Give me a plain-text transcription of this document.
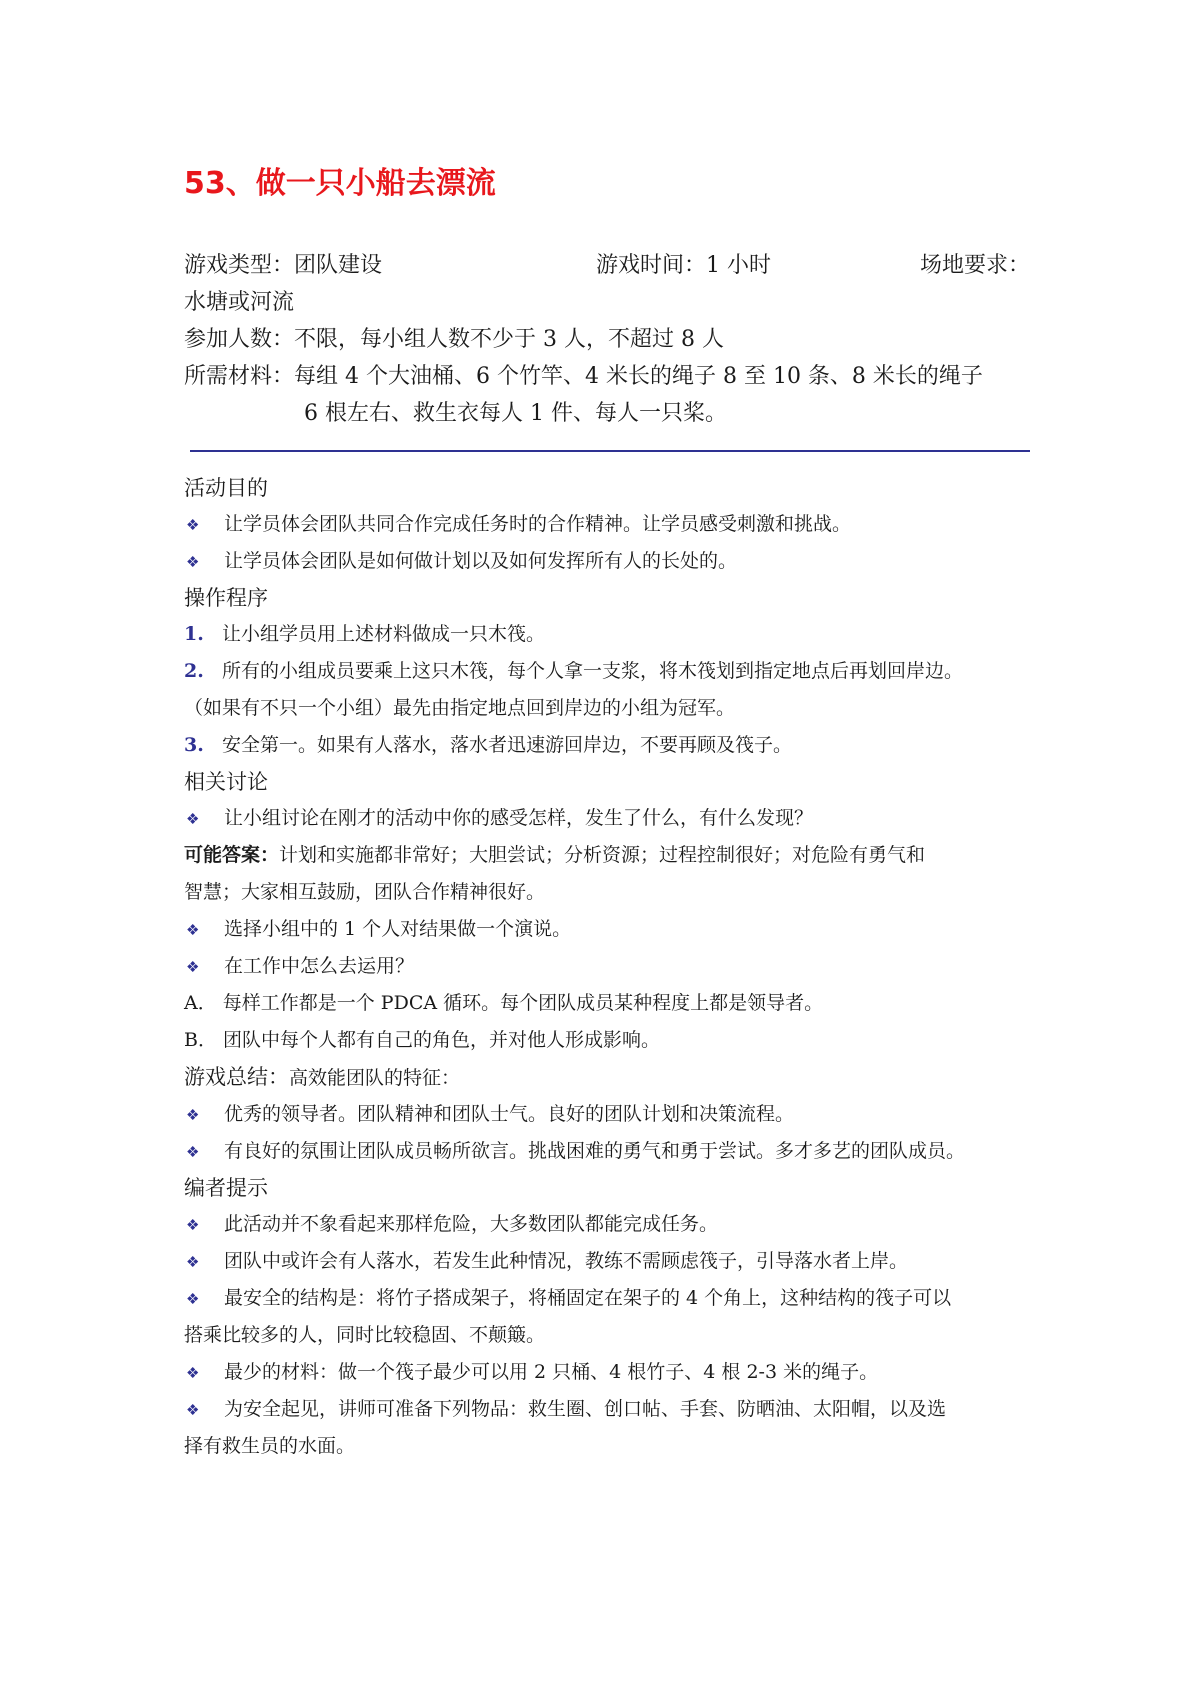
53、做一只小船去漂流
游戏类型：团队建设	游戏时间：1 小时	场地要求：
水塘或河流
参加人数：不限，每小组人数不少于 3 人，不超过 8 人
所需材料：每组 4 个大油桶、6 个竹竿、4 米长的绳子 8 至 10 条、8 米长的绳子
6 根左右、救生衣每人 1 件、每人一只桨。
活动目的
❖ 让学员体会团队共同合作完成任务时的合作精神。让学员感受刺激和挑战。
❖ 让学员体会团队是如何做计划以及如何发挥所有人的长处的。
操作程序
1. 让小组学员用上述材料做成一只木筏。
2. 所有的小组成员要乘上这只木筏，每个人拿一支浆，将木筏划到指定地点后再划回岸边。
（如果有不只一个小组）最先由指定地点回到岸边的小组为冠军。
3. 安全第一。如果有人落水，落水者迅速游回岸边，不要再顾及筏子。
相关讨论
❖ 让小组讨论在刚才的活动中你的感受怎样，发生了什么，有什么发现？
可能答案：计划和实施都非常好；大胆尝试；分析资源；过程控制很好；对危险有勇气和
智慧；大家相互鼓励，团队合作精神很好。
❖ 选择小组中的 1 个人对结果做一个演说。
❖ 在工作中怎么去运用？
A． 每样工作都是一个 PDCA 循环。每个团队成员某种程度上都是领导者。
B． 团队中每个人都有自己的角色，并对他人形成影响。
游戏总结：高效能团队的特征：
❖ 优秀的领导者。团队精神和团队士气。良好的团队计划和决策流程。
❖ 有良好的氛围让团队成员畅所欲言。挑战困难的勇气和勇于尝试。多才多艺的团队成员。
编者提示
❖ 此活动并不象看起来那样危险，大多数团队都能完成任务。
❖ 团队中或许会有人落水，若发生此种情况，教练不需顾虑筏子，引导落水者上岸。
❖ 最安全的结构是：将竹子搭成架子，将桶固定在架子的 4 个角上，这种结构的筏子可以
搭乘比较多的人，同时比较稳固、不颠簸。
❖ 最少的材料：做一个筏子最少可以用 2 只桶、4 根竹子、4 根 2-3 米的绳子。
❖ 为安全起见，讲师可准备下列物品：救生圈、创口帖、手套、防晒油、太阳帽，以及选
择有救生员的水面。
